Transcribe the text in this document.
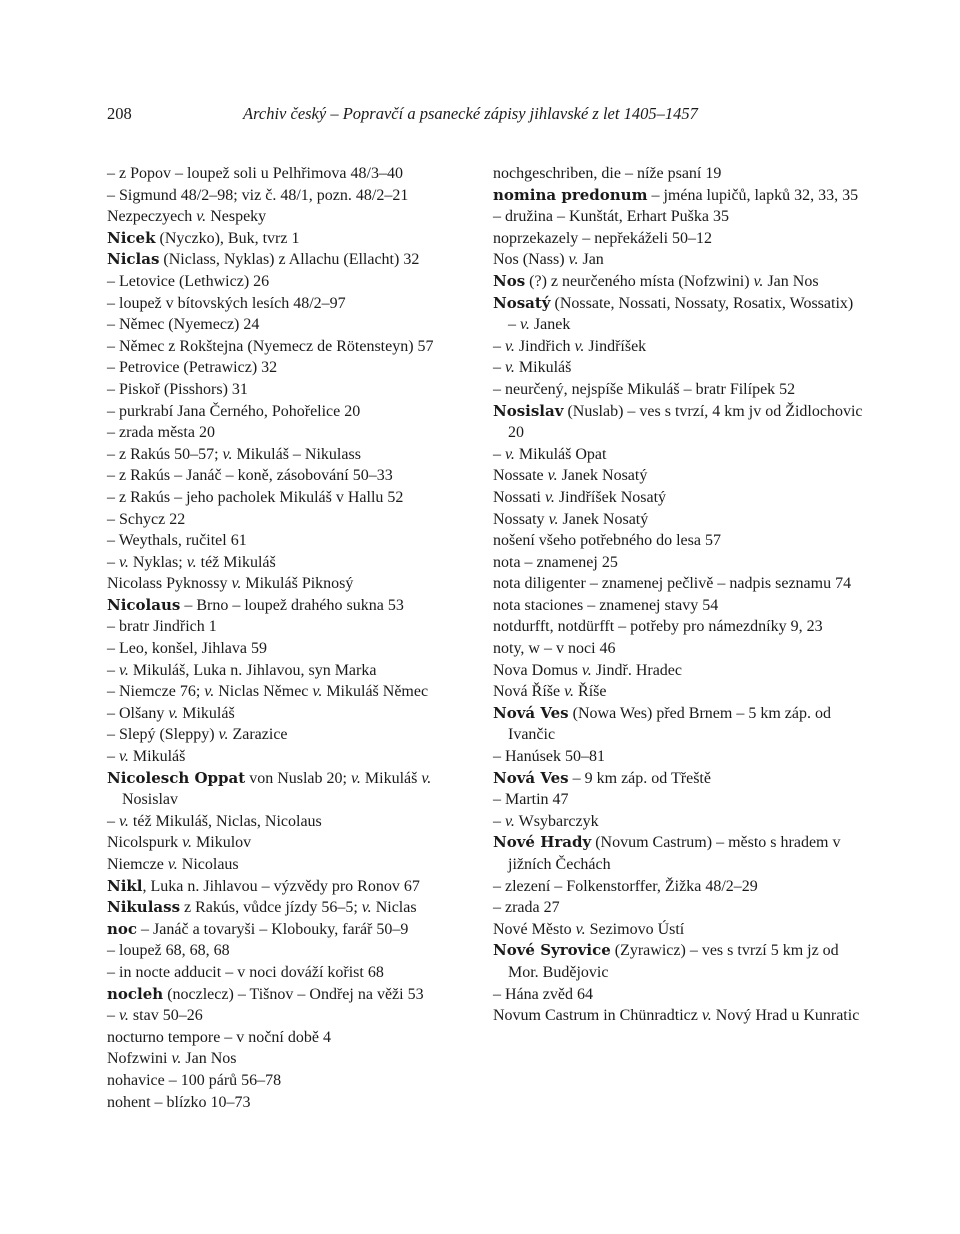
208	Archiv český – Popravčí a psanecké zápisy jihlavské z let 1405–1457
– z Popov – loupež soli u Pelhřimova 48/3–40
– Sigmund 48/2–98; viz č. 48/1, pozn. 48/2–21
Nezpeczyech v. Nespeky
Nicek (Nyczko), Buk, tvrz 1
Niclas (Niclass, Nyklas) z Allachu (Ellacht) 32
– Letovice (Lethwicz) 26
– loupež v bítovských lesích 48/2–97
– Němec (Nyemecz) 24
– Němec z Rokštejna (Nyemecz de Rötensteyn) 57
– Petrovice (Petrawicz) 32
– Piskoř (Pisshors) 31
– purkrabí Jana Černého, Pohořelice 20
– zrada města 20
– z Rakús 50–57; v. Mikuláš – Nikulass
– z Rakús – Janáč – koně, zásobování 50–33
– z Rakús – jeho pacholek Mikuláš v Hallu 52
– Schycz 22
– Weythals, ručitel 61
– v. Nyklas; v. též Mikuláš
Nicolass Pyknossy v. Mikuláš Piknosý
Nicolaus – Brno – loupež drahého sukna 53
– bratr Jindřich 1
– Leo, konšel, Jihlava 59
– v. Mikuláš, Luka n. Jihlavou, syn Marka
– Niemcze 76; v. Niclas Němec v. Mikuláš Němec
– Olšany v. Mikuláš
– Slepý (Sleppy) v. Zarazice
– v. Mikuláš
Nicolesch Oppat von Nuslab 20; v. Mikuláš v. Nosislav
– v. též Mikuláš, Niclas, Nicolaus
Nicolspurk v. Mikulov
Niemcze v. Nicolaus
Nikl, Luka n. Jihlavou – výzvědy pro Ronov 67
Nikulass z Rakús, vůdce jízdy 56–5; v. Niclas
noc – Janáč a tovaryši – Klobouky, farář 50–9
– loupež 68, 68, 68
– in nocte adducit – v noci dováží kořist 68
nocleh (noczlecz) – Tišnov – Ondřej na věži 53
– v. stav 50–26
nocturno tempore – v noční době 4
Nofzwini v. Jan Nos
nohavice – 100 párů 56–78
nohent – blízko 10–73
nochgeschriben, die – níže psaní 19
nomina predonum – jména lupičů, lapků 32, 33, 35
– družina – Kunštát, Erhart Puška 35
noprzekazely – nepřekáželi 50–12
Nos (Nass) v. Jan
Nos (?) z neurčeného místa (Nofzwini) v. Jan Nos
Nosatý (Nossate, Nossati, Nossaty, Rosatix, Wossatix) – v. Janek
– v. Jindřich v. Jindříšek
– v. Mikuláš
– neurčený, nejspíše Mikuláš – bratr Filípek 52
Nosislav (Nuslab) – ves s tvrzí, 4 km jv od Židlochovic 20
– v. Mikuláš Opat
Nossate v. Janek Nosatý
Nossati v. Jindříšek Nosatý
Nossaty v. Janek Nosatý
nošení všeho potřebného do lesa 57
nota – znamenej 25
nota diligenter – znamenej pečlivě – nadpis seznamu 74
nota staciones – znamenej stavy 54
notdurfft, notdürfft – potřeby pro námezdníky 9, 23
noty, w – v noci 46
Nova Domus v. Jindř. Hradec
Nová Říše v. Říše
Nová Ves (Nowa Wes) před Brnem – 5 km záp. od Ivančic
– Hanúsek 50–81
Nová Ves – 9 km záp. od Třeště
– Martin 47
– v. Wsybarczyk
Nové Hrady (Novum Castrum) – město s hradem v jižních Čechách
– zlezení – Folkenstorffer, Žižka 48/2–29
– zrada 27
Nové Město v. Sezimovo Ústí
Nové Syrovice (Zyrawicz) – ves s tvrzí 5 km jz od Mor. Budějovic
– Hána zvěd 64
Novum Castrum in Chünradticz v. Nový Hrad u Kunratic
